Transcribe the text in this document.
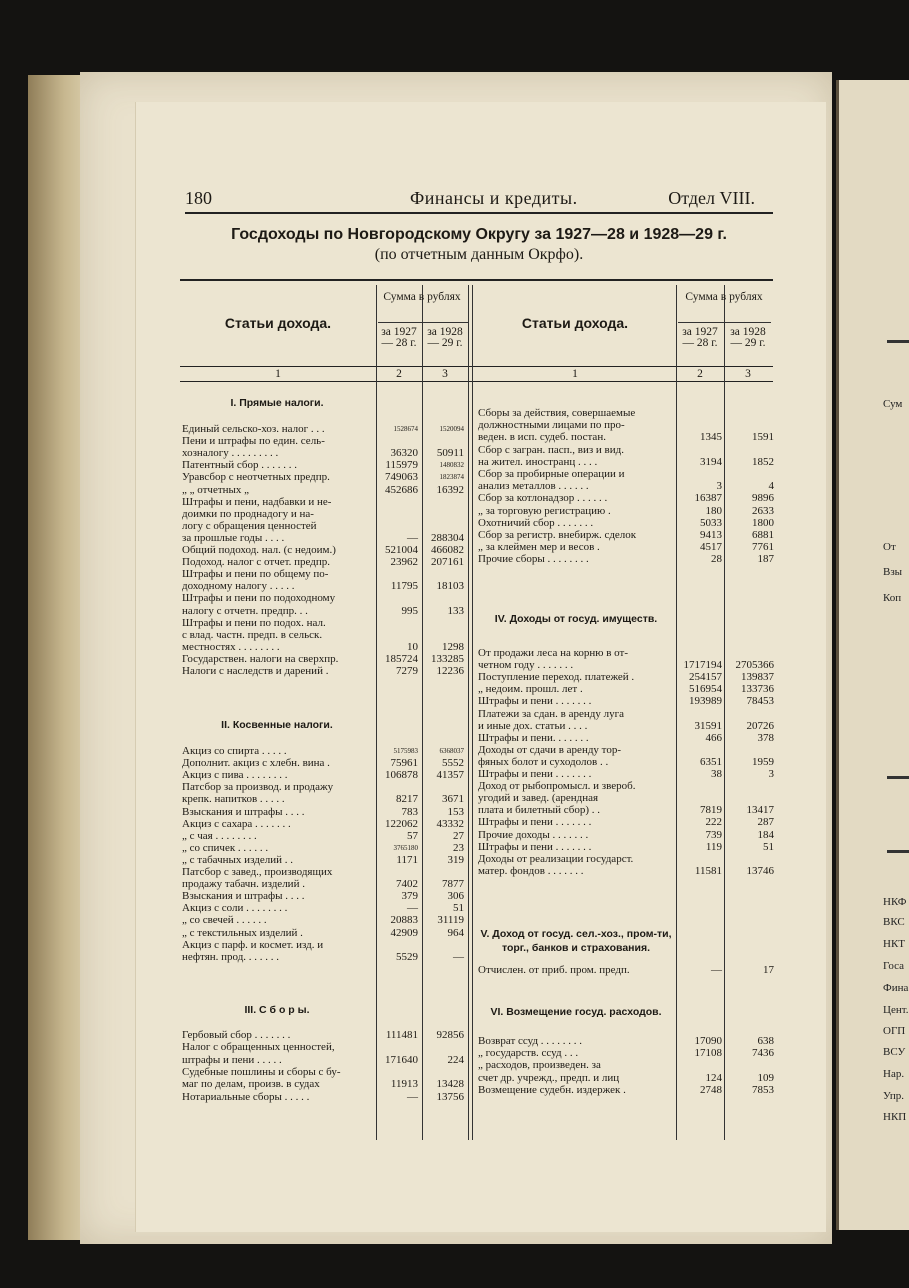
Сум
От
Взы
Коп
НКФ
ВКС
НКТ
Госа
Фина
Цент.
ОГП
ВСУ
Нар.
Упр.
НКП
180	Финансы и кредиты.	Отдел VIII.
Госдоходы по Новгородскому Округу за 1927—28 и 1928—29 г.
(по отчетным данным Окрфо).
Статьи дохода.
Сумма в рублях
за 1927— 28 г.
за 1928 — 29 г.
1	2	3
Статьи дохода.
Сумма в рублях
за 1927— 28 г.
за 1928 — 29 г.
1	2	3
Единый сельско-хоз. налог . . .	1528674	1520094
Пени и штрафы по един. сель-
хозналогу . . . . . . . . .	36320	50911
Патентный сбор . . . . . . .	115979	1480832
Уравсбор с неотчетных предпр.	749063	1823874
„ „ отчетных „	452686	16392
Штрафы и пени, надбавки и не-
доимки по проднадогу и на-
логу с обращения ценностей
за прошлые годы . . . .	—	288304
Общий подоход. нал. (с недоим.)	521004	466082
Подоход. налог с отчет. предпр.	23962	207161
Штрафы и пени по общему по-
доходному налогу . . . . .	11795	18103
Штрафы и пени по подоходному
налогу с отчетн. предпр. . .	995	133
Штрафы и пени по подох. нал.
с влад. частн. предп. в сельск.
местностях . . . . . . . .	10	1298
Государствен. налоги на сверхпр.	185724	133285
Налоги с наследств и дарений .	7279	12236
Акциз со спирта . . . . .	5175983	6368037
Дополнит. акциз с хлебн. вина .	75961	5552
Акциз с пива . . . . . . . .	106878	41357
Патсбор за производ. и продажу
крепк. напитков . . . . .	8217	3671
Взыскания и штрафы . . . .	783	153
Акциз с сахара . . . . . . .	122062	43332
„ с чая . . . . . . . .	57	27
„ со спичек . . . . . .	3765180	23
„ с табачных изделий . .	1171	319
Патсбор с завед., производящих
продажу табачн. изделий .	7402	7877
Взыскания и штрафы . . . .	379	306
Акциз с соли . . . . . . . .	—	51
„ со свечей . . . . . .	20883	31119
„ с текстильных изделий .	42909	964
Акциз с парф. и космет. изд. и
нефтян. прод. . . . . . .	5529	—
Гербовый сбор . . . . . . .	111481	92856
Налог с обращенных ценностей,
штрафы и пени . . . . .	171640	224
Судебные пошлины и сборы с бу-
маг по делам, произв. в судах	11913	13428
Нотариальные сборы . . . . .	—	13756
I. Прямые налоги.
II. Косвенные налоги.
III. С б о р ы.
Сборы за действия, совершаемые
должностными лицами по про-
веден. в исп. судеб. постан.	1345	1591
Сбор с загран. пасп., виз и вид.
на жител. иностранц . . . .	3194	1852
Сбор за пробирные операции и
анализ металлов . . . . . .	3	4
Сбор за котлонадзор . . . . . .	16387	9896
„ за торговую регистрацию .	180	2633
Охотничий сбор . . . . . . .	5033	1800
Сбор за регистр. внебирж. сделок	9413	6881
„ за клеймен мер и весов .	4517	7761
Прочие сборы . . . . . . . .	28	187
От продажи леса на корню в от-
четном году . . . . . . .	1717194	2705366
Поступление переход. платежей .	254157	139837
„ недоим. прошл. лет .	516954	133736
Штрафы и пени . . . . . . .	193989	78453
Платежи за сдан. в аренду луга
и иные дох. статьи . . . .	31591	20726
Штрафы и пени. . . . . . .	466	378
Доходы от сдачи в аренду тор-
фяных болот и суходолов . .	6351	1959
Штрафы и пени . . . . . . .	38	3
Доход от рыбопромысл. и звероб.
угодий и завед. (арендная
плата и билетный сбор) . .	7819	13417
Штрафы и пени . . . . . . .	222	287
Прочие доходы . . . . . . .	739	184
Штрафы и пени . . . . . . .	119	51
Доходы от реализации государст.
матер. фондов . . . . . . .	11581	13746
Отчислен. от приб. пром. предп.	—	17
Возврат ссуд . . . . . . . .	17090	638
„ государств. ссуд . . .	17108	7436
„ расходов, произведен. за
счет др. учрежд., предп. и лиц	124	109
Возмещение судебн. издержек .	2748	7853
IV. Доходы от госуд. имуществ.
V. Доход от госуд. сел.-хоз., пром-ти, торг., банков и страхования.
VI. Возмещение госуд. расходов.
